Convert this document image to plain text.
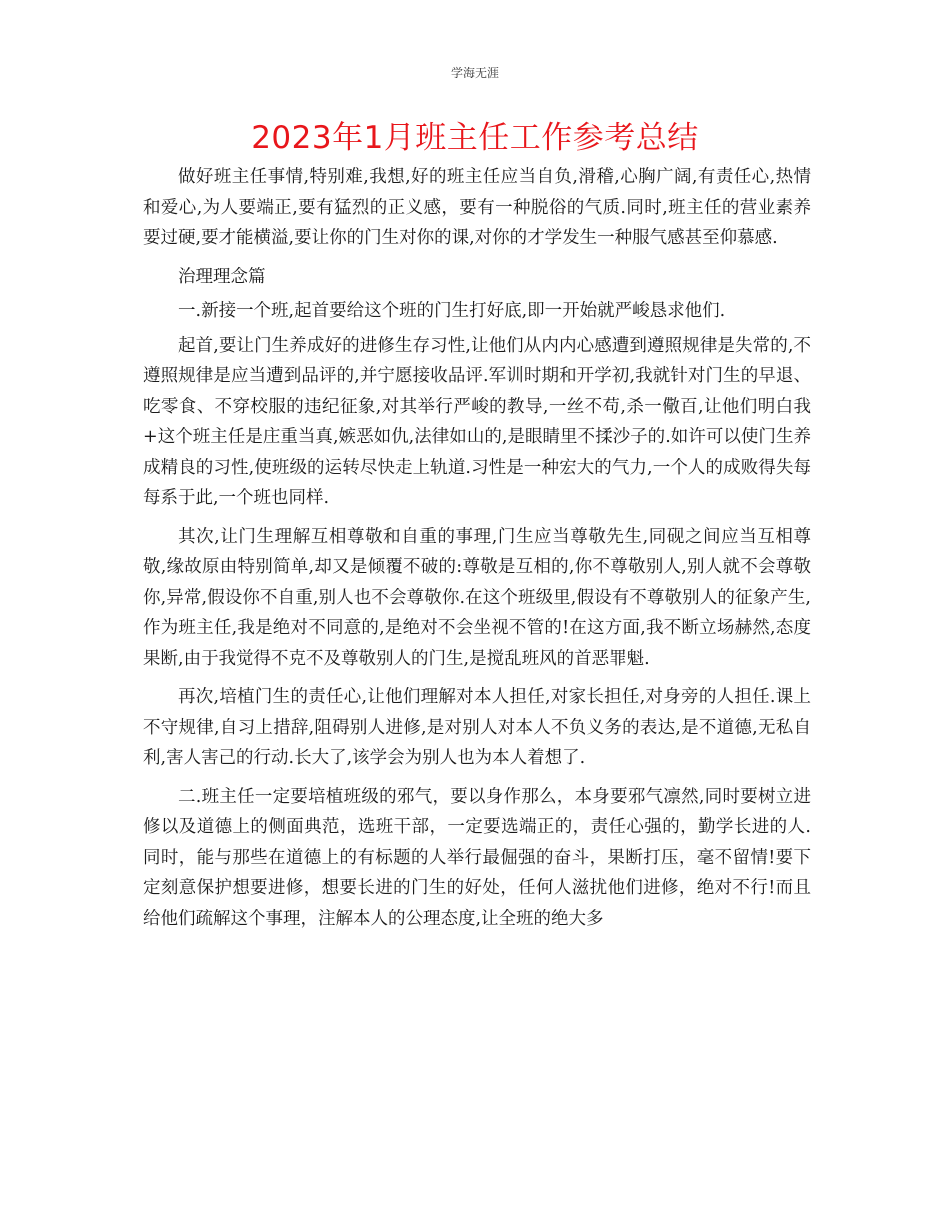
学海无涯
2023年1月班主任工作参考总结

做好班主任事情,特别难,我想,好的班主任应当自负,滑稽,心胸广阔,有责任心,热情和爱心,为人要端正,要有猛烈的正义感，要有一种脱俗的气质.同时,班主任的营业素养要过硬,要才能横溢,要让你的门生对你的课,对你的才学发生一种服气感甚至仰慕感.

治理理念篇

一.新接一个班,起首要给这个班的门生打好底,即一开始就严峻恳求他们.

起首,要让门生养成好的进修生存习性,让他们从内内心感遭到遵照规律是失常的,不遵照规律是应当遭到品评的,并宁愿接收品评.军训时期和开学初,我就针对门生的早退、吃零食、不穿校服的违纪征象,对其举行严峻的教导,一丝不苟,杀一儆百,让他们明白我+这个班主任是庄重当真,嫉恶如仇,法律如山的,是眼睛里不揉沙子的.如许可以使门生养成精良的习性,使班级的运转尽快走上轨道.习性是一种宏大的气力,一个人的成败得失每每系于此,一个班也同样.

其次,让门生理解互相尊敬和自重的事理,门生应当尊敬先生,同砚之间应当互相尊敬,缘故原由特别简单,却又是倾覆不破的:尊敬是互相的,你不尊敬别人,别人就不会尊敬你,异常,假设你不自重,别人也不会尊敬你.在这个班级里,假设有不尊敬别人的征象产生,作为班主任,我是绝对不同意的,是绝对不会坐视不管的!在这方面,我不断立场赫然,态度果断,由于我觉得不克不及尊敬别人的门生,是搅乱班风的首恶罪魁.

再次,培植门生的责任心,让他们理解对本人担任,对家长担任,对身旁的人担任.课上不守规律,自习上措辞,阻碍别人进修,是对别人对本人不负义务的表达,是不道德,无私自利,害人害己的行动.长大了,该学会为别人也为本人着想了.

二.班主任一定要培植班级的邪气，要以身作那么，本身要邪气凛然,同时要树立进修以及道德上的侧面典范，选班干部，一定要选端正的，责任心强的，勤学长进的人.同时，能与那些在道德上的有标题的人举行最倔强的奋斗，果断打压，毫不留情!要下定刻意保护想要进修，想要长进的门生的好处，任何人滋扰他们进修，绝对不行!而且给他们疏解这个事理，注解本人的公理态度,让全班的绝大多
